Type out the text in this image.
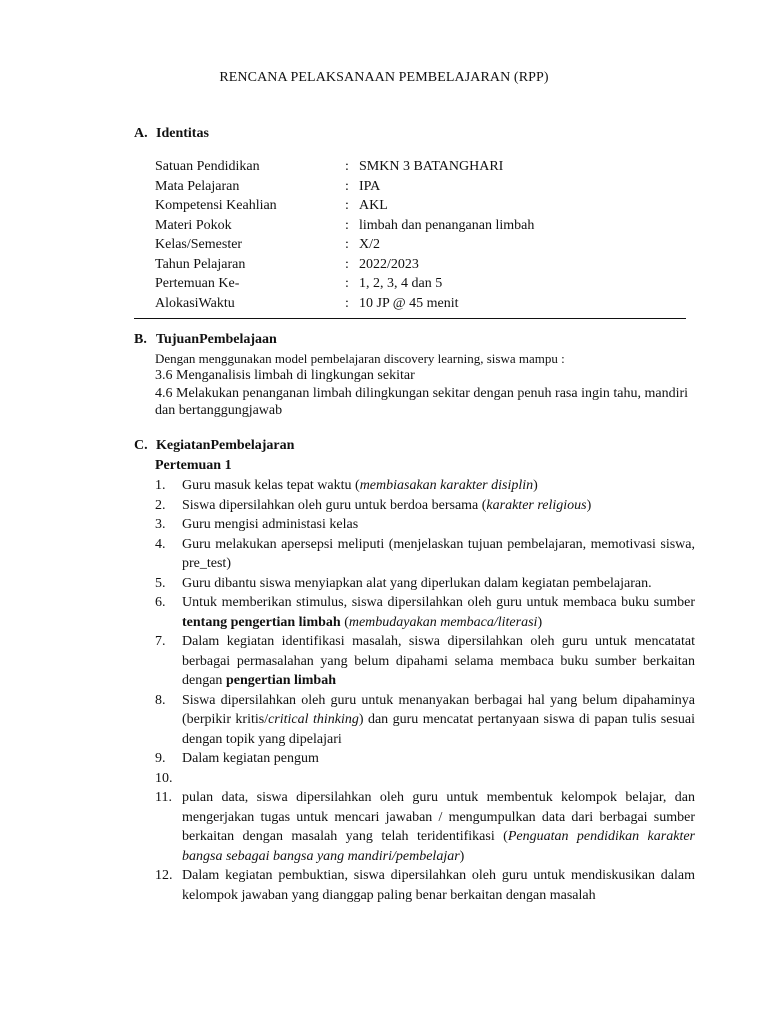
RENCANA PELAKSANAAN PEMBELAJARAN (RPP)
A. Identitas
Satuan Pendidikan	: SMKN 3 BATANGHARI
Mata Pelajaran	: IPA
Kompetensi Keahlian	: AKL
Materi Pokok	: limbah dan penanganan limbah
Kelas/Semester	: X/2
Tahun Pelajaran	: 2022/2023
Pertemuan Ke-	: 1, 2, 3, 4 dan 5
AlokasiWaktu	: 10 JP @ 45 menit
B. TujuanPembelajaan
Dengan menggunakan model pembelajaran discovery learning, siswa mampu :
3.6 Menganalisis limbah di lingkungan sekitar
4.6 Melakukan penanganan limbah dilingkungan sekitar dengan penuh rasa ingin tahu, mandiri dan bertanggungjawab
C. KegiatanPembelajaran
Pertemuan 1
1. Guru masuk kelas tepat waktu (membiasakan karakter disiplin)
2. Siswa dipersilahkan oleh guru untuk berdoa bersama (karakter religious)
3. Guru mengisi administasi kelas
4. Guru melakukan apersepsi meliputi (menjelaskan tujuan pembelajaran, memotivasi siswa, pre_test)
5. Guru dibantu siswa menyiapkan alat yang diperlukan dalam kegiatan pembelajaran.
6. Untuk memberikan stimulus, siswa dipersilahkan oleh guru untuk membaca buku sumber tentang pengertian limbah (membudayakan membaca/literasi)
7. Dalam kegiatan identifikasi masalah, siswa dipersilahkan oleh guru untuk mencatatat berbagai permasalahan yang belum dipahami selama membaca buku sumber berkaitan dengan pengertian limbah
8. Siswa dipersilahkan oleh guru untuk menanyakan berbagai hal yang belum dipahaminya (berpikir kritis/critical thinking) dan guru mencatat pertanyaan siswa di papan tulis sesuai dengan topik yang dipelajari
9. Dalam kegiatan pengum
10.

11. pulan data, siswa dipersilahkan oleh guru untuk membentuk kelompok belajar, dan mengerjakan tugas untuk mencari jawaban / mengumpulkan data dari berbagai sumber berkaitan dengan masalah yang telah teridentifikasi (Penguatan pendidikan karakter bangsa sebagai bangsa yang mandiri/pembelajar)
12. Dalam kegiatan pembuktian, siswa dipersilahkan oleh guru untuk mendiskusikan dalam kelompok jawaban yang dianggap paling benar berkaitan dengan masalah
